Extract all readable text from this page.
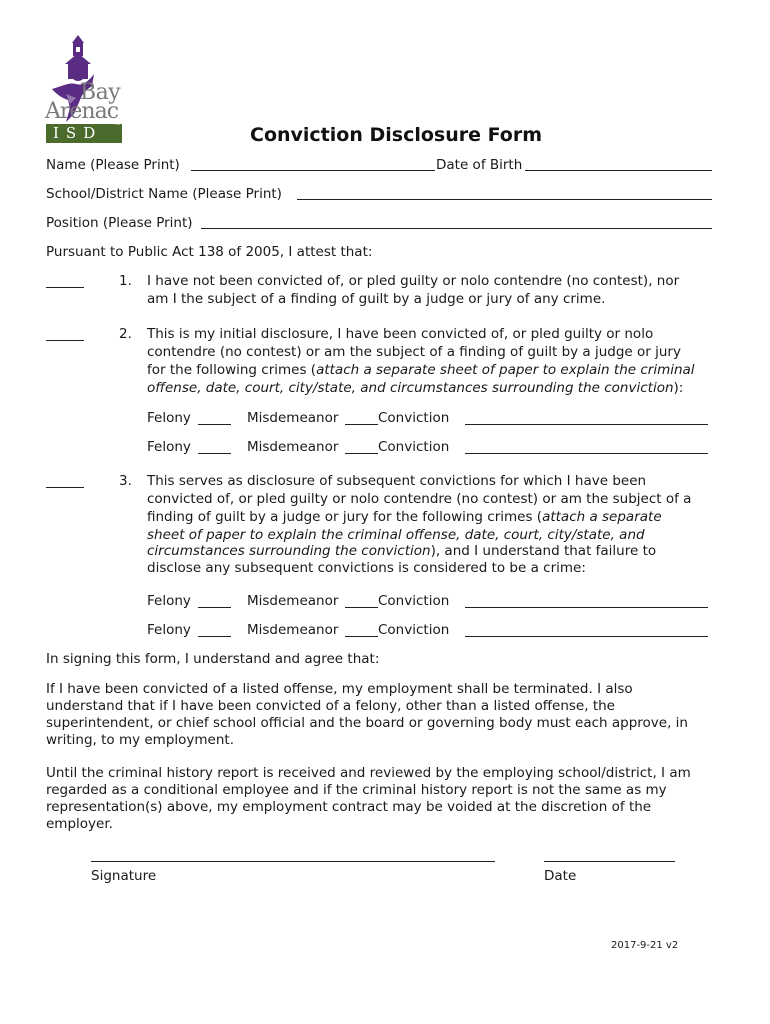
Bay
Arenac
ISD ™	Conviction Disclosure Form
Name (Please Print)	Date of Birth
School/District Name (Please Print)
Position (Please Print)
Pursuant to Public Act 138 of 2005, I attest that:
1. I have not been convicted of, or pled guilty or nolo contendre (no contest), nor
am I the subject of a finding of guilt by a judge or jury of any crime.
2. This is my initial disclosure, I have been convicted of, or pled guilty or nolo
contendre (no contest) or am the subject of a finding of guilt by a judge or jury
for the following crimes (attach a separate sheet of paper to explain the criminal
offense, date, court, city/state, and circumstances surrounding the conviction):
Felony	Misdemeanor	Conviction
Felony	Misdemeanor	Conviction
3. This serves as disclosure of subsequent convictions for which I have been
convicted of, or pled guilty or nolo contendre (no contest) or am the subject of a
finding of guilt by a judge or jury for the following crimes (attach a separate
sheet of paper to explain the criminal offense, date, court, city/state, and
circumstances surrounding the conviction), and I understand that failure to
disclose any subsequent convictions is considered to be a crime:
Felony	Misdemeanor	Conviction
Felony	Misdemeanor	Conviction
In signing this form, I understand and agree that:
If I have been convicted of a listed offense, my employment shall be terminated. I also
understand that if I have been convicted of a felony, other than a listed offense, the
superintendent, or chief school official and the board or governing body must each approve, in
writing, to my employment.
Until the criminal history report is received and reviewed by the employing school/district, I am
regarded as a conditional employee and if the criminal history report is not the same as my
representation(s) above, my employment contract may be voided at the discretion of the
employer.
Signature	Date
2017-9-21 v2
